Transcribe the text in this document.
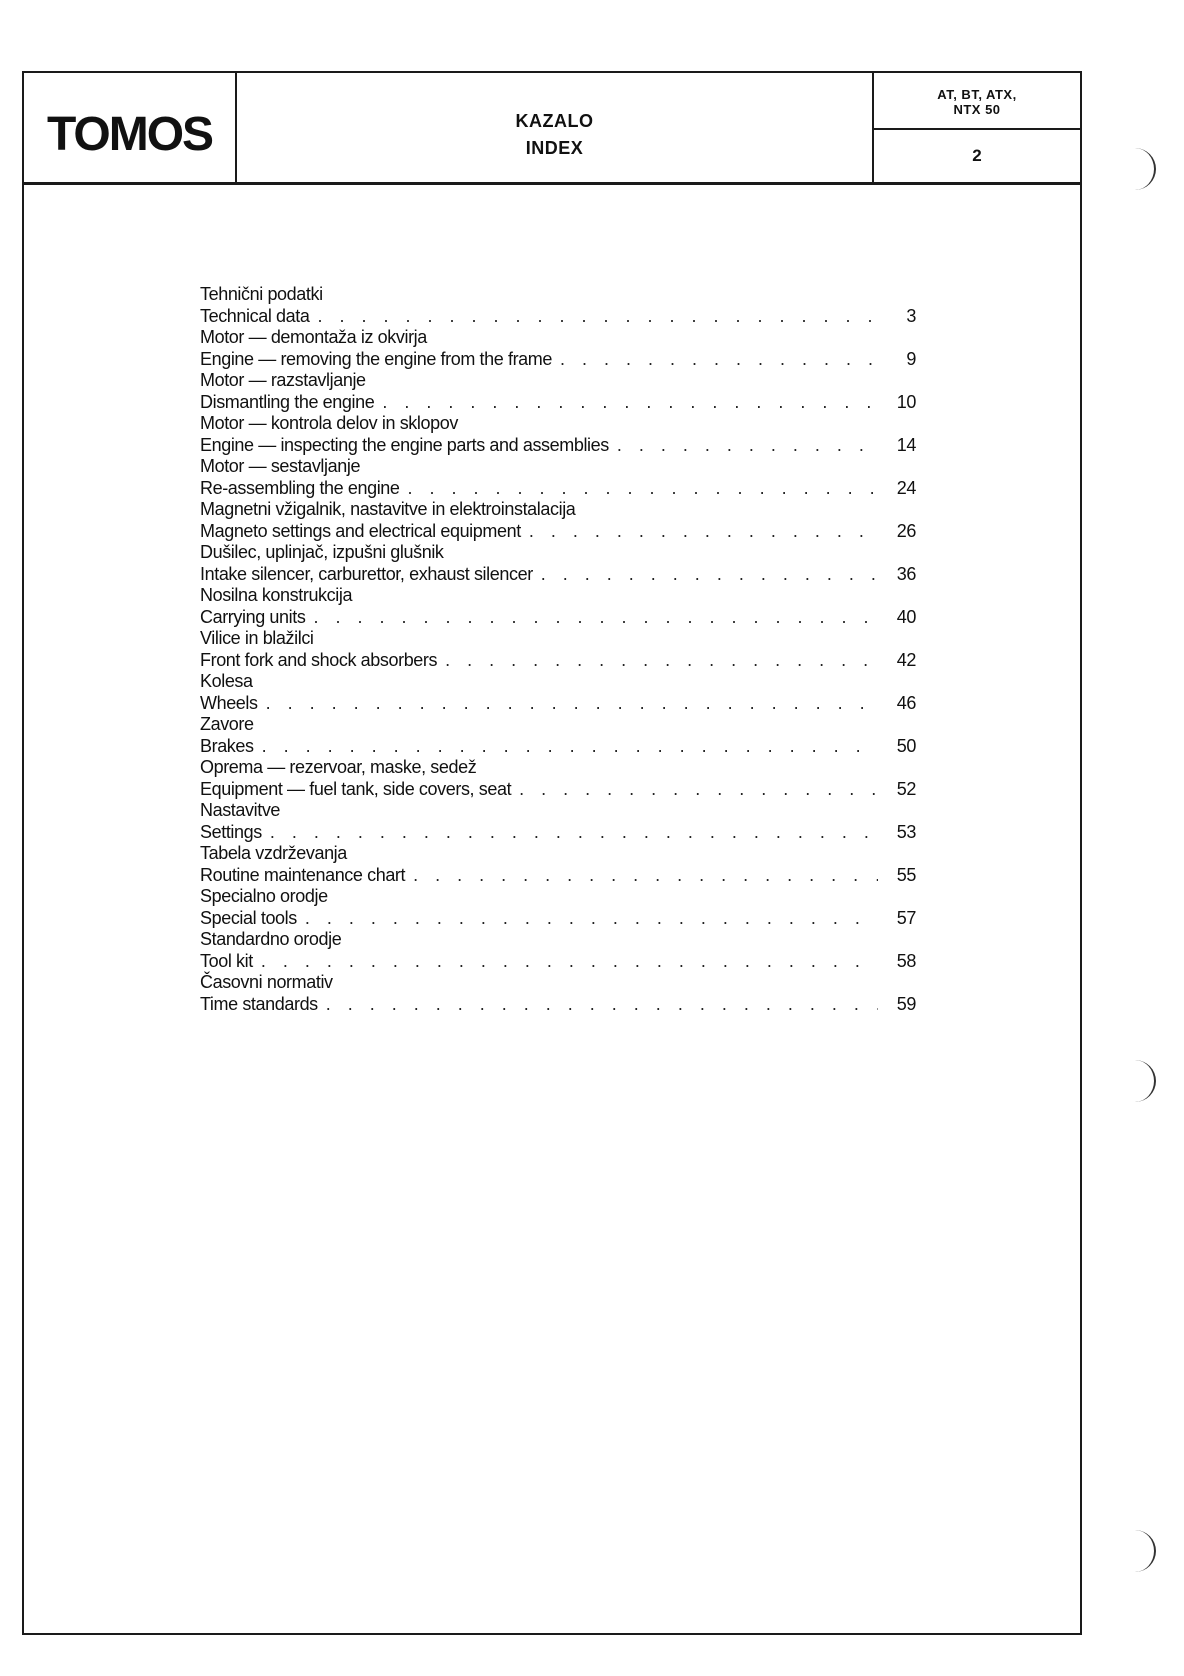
TOMOS	KAZALO
INDEX
AT, BT, ATX,
NTX 50
2
Tehnični podatki
Technical data . . .	3
Motor — demontaža iz okvirja
Engine — removing the engine from the frame . . .	9
Motor — razstavljanje
Dismantling the engine . . .	10
Motor — kontrola delov in sklopov
Engine — inspecting the engine parts and assemblies . . .	14
Motor — sestavljanje
Re-assembling the engine . . .	24
Magnetni vžigalnik, nastavitve in elektroinstalacija
Magneto settings and electrical equipment . . .	26
Dušilec, uplinjač, izpušni glušnik
Intake silencer, carburettor, exhaust silencer . . .	36
Nosilna konstrukcija
Carrying units . . .	40
Vilice in blažilci
Front fork and shock absorbers . . .	42
Kolesa
Wheels . . .	46
Zavore
Brakes . . .	50
Oprema — rezervoar, maske, sedež
Equipment — fuel tank, side covers, seat . . .	52
Nastavitve
Settings . . .	53
Tabela vzdrževanja
Routine maintenance chart . . .	55
Specialno orodje
Special tools . . .	57
Standardno orodje
Tool kit . . .	58
Časovni normativ
Time standards . . .	59
